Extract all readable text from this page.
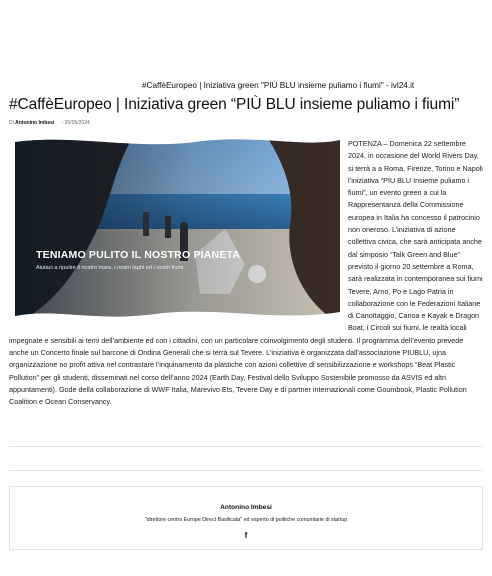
#CaffèEuropeo | Iniziativa green "PIÙ BLU insieme puliamo i fiumi" - ivl24.it
#CaffèEuropeo | Iniziativa green “PIÙ BLU insieme puliamo i fiumi”
Di Antonino Imbesi - 20/05/2024
TENIAMO PULITO IL NOSTRO PIANETA
Aiutaci a ripulire il nostro mare, i nostri laghi ed i nostri fiumi.
POTENZA – Domenica 22 settembre 2024, in occasione del World Rivers Day, si terrà a a Roma, Firenze, Torino e Napoli l’iniziativa “PIU BLU Insieme puliamo i fiumi”, un evento green a cui la Rappresentanza della Commissione europea in Italia ha concesso il patrocinio non oneroso. L’iniziativa di azione collettiva civica, che sarà anticipata anche dal simposio “Talk Green and Blue” previsto il giorno 20 settembre a Roma, sarà realizzata in contemporanea sui fiumi Tevere, Arno, Po e Lago Patria in collaborazione con le Federazioni Italiane di Canottaggio, Canoa e Kayak e Dragon Boat, i Circoli sui fiumi, le realtà locali impegnate e sensibili ai temi dell’ambiente ed con i cittadini, con un particolare coinvolgimento degli studenti. Il programma dell’evento prevede anche un Concerto finale sul barcone di Ondina Generali che si terrà sul Tevere. L’iniziativa è organizzata dall’associazione PIUBLU, ujna organizzazione no profit attiva nel contrastare l’inquinamento da plastiche con azioni collettive di sensibilizzazione e workshops “Beat Plastic Pollution” per gli studenti, disseminati nel corso dell’anno 2024 (Earth Day, Festival dello Sviluppo Sostenibile promosso da ASVIS ed altri appuntamenti). Gode della collaborazione di WWF Italia, Marevivo Ets, Tevere Day e di partner internazionali come Goumbook, Plastic Pollution Coalition e Ocean Conservancy.
Antonino Imbesi
"direttore centro Europe Direct Basilicata" ed esperto di politiche comunitarie di startup
f
